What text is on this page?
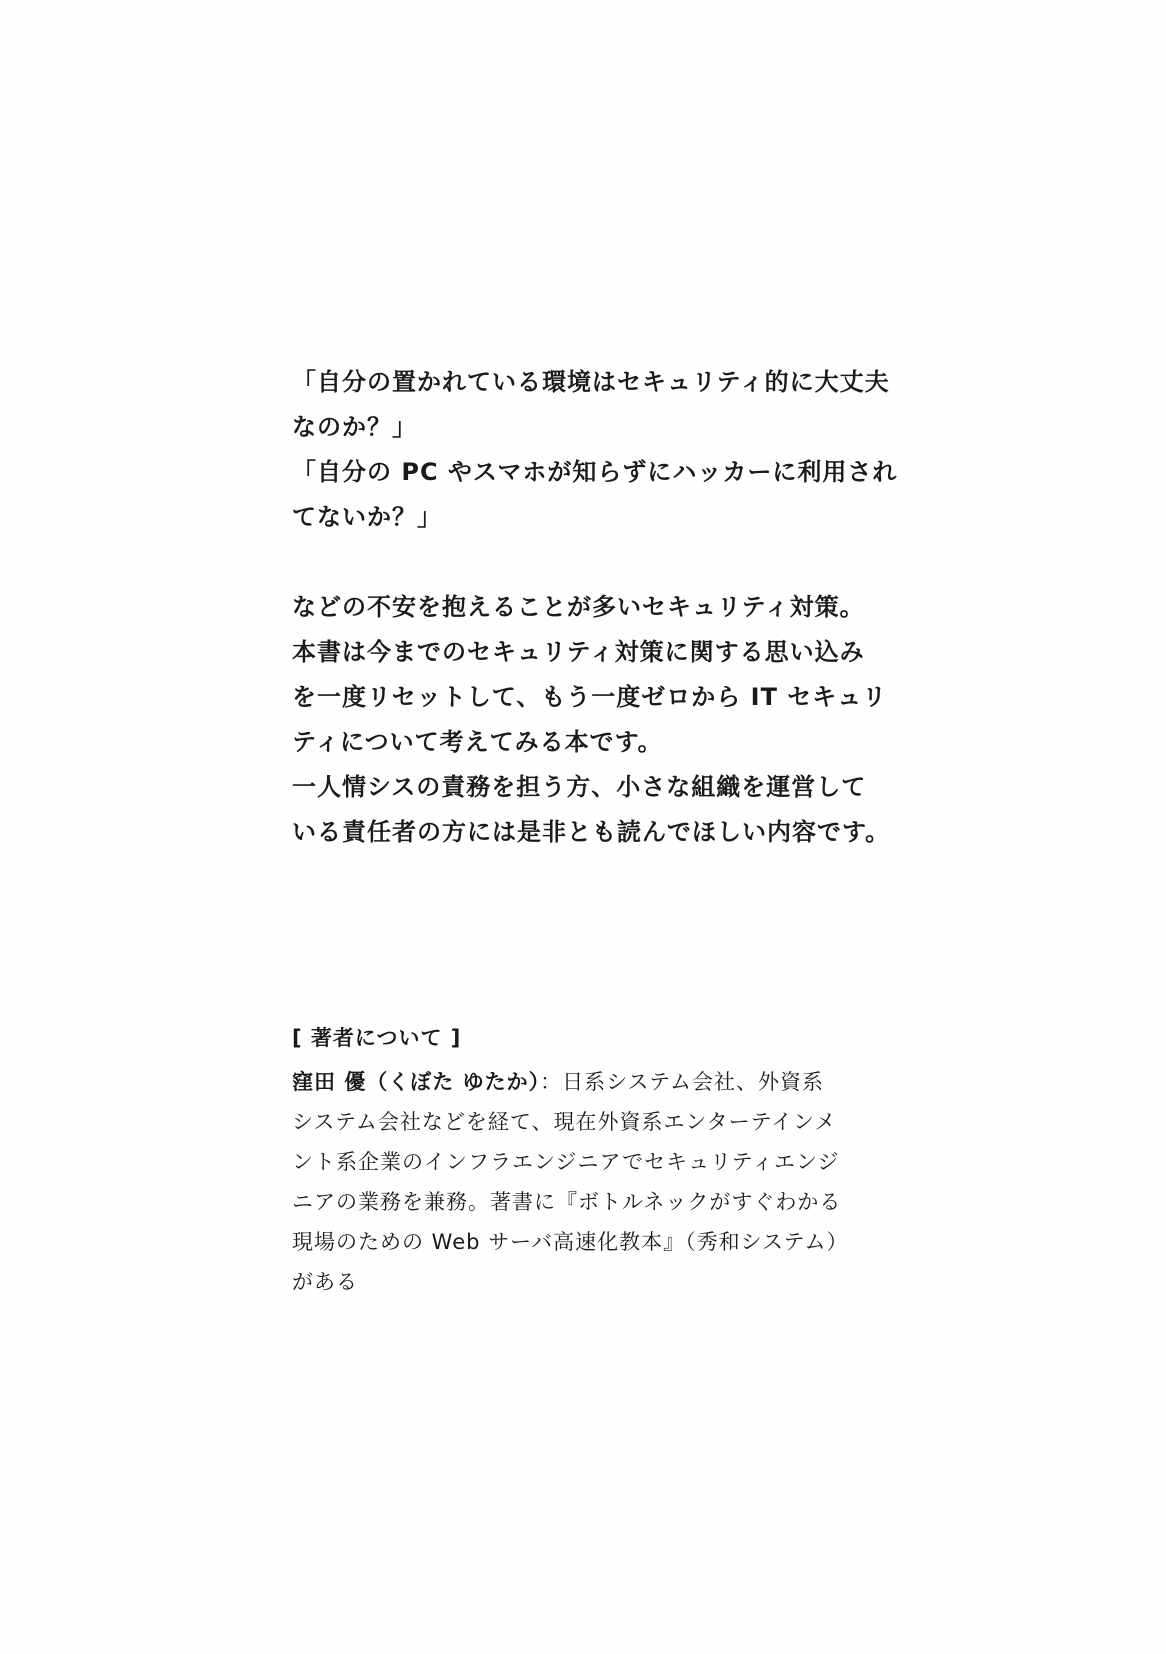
「自分の置かれている環境はセキュリティ的に大丈夫
なのか？」
「自分の PC やスマホが知らずにハッカーに利用され
てないか？」
などの不安を抱えることが多いセキュリティ対策。
本書は今までのセキュリティ対策に関する思い込み
を一度リセットして、もう一度ゼロから IT セキュリ
ティについて考えてみる本です。
一人情シスの責務を担う方、小さな組織を運営して
いる責任者の方には是非とも読んでほしい内容です。
[ 著者について ]
窪田 優（くぼた ゆたか）：日系システム会社、外資系
システム会社などを経て、現在外資系エンターテインメ
ント系企業のインフラエンジニアでセキュリティエンジ
ニアの業務を兼務。著書に『ボトルネックがすぐわかる
現場のための Web サーバ高速化教本』（秀和システム）
がある
